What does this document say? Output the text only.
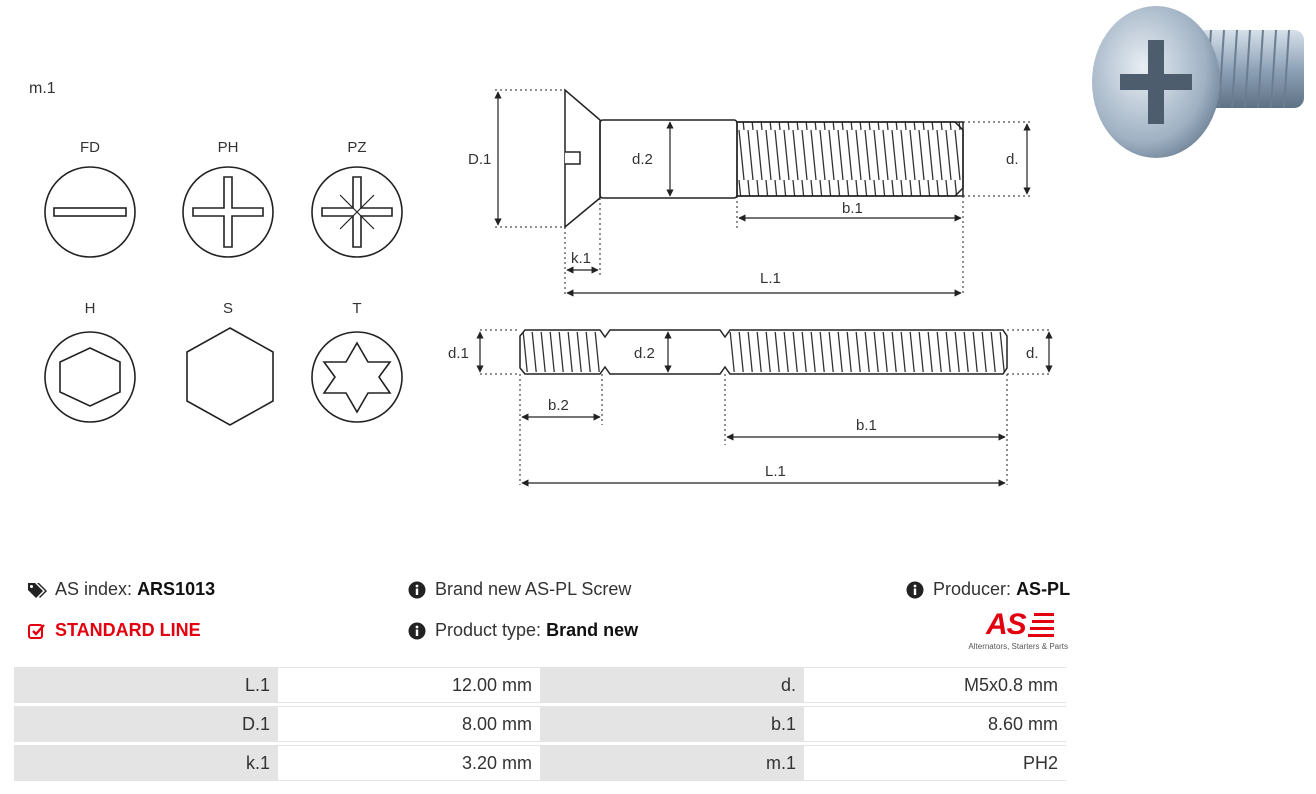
m.1
FD	PH	PZ
H	S	T
D.1	d.2	d.
b.1
k.1
L.1
d.1	d.2	d.
b.2
b.1
L.1
AS index:
ARS1013
STANDARD LINE
Brand new AS-PL Screw
Product type:
Brand new
Producer:
AS-PL
AS
Alternators, Starters & Parts
L.1	12.00 mm	d.	M5x0.8 mm
D.1	8.00 mm	b.1	8.60 mm
k.1	3.20 mm	m.1	PH2
